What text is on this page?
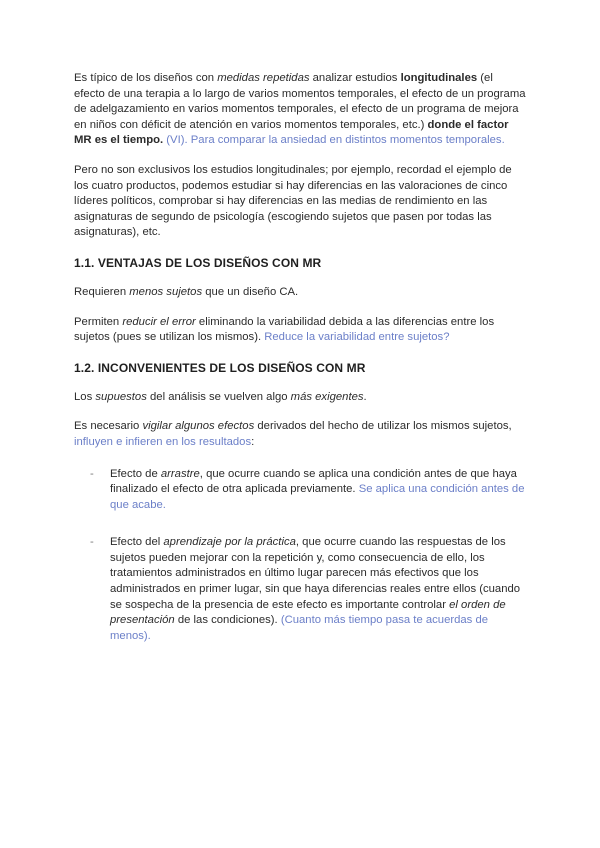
Es típico de los diseños con medidas repetidas analizar estudios longitudinales (el efecto de una terapia a lo largo de varios momentos temporales, el efecto de un programa de adelgazamiento en varios momentos temporales, el efecto de un programa de mejora en niños con déficit de atención en varios momentos temporales, etc.) donde el factor MR es el tiempo. (VI). Para comparar la ansiedad en distintos momentos temporales.

Pero no son exclusivos los estudios longitudinales; por ejemplo, recordad el ejemplo de los cuatro productos, podemos estudiar si hay diferencias en las valoraciones de cinco líderes políticos, comprobar si hay diferencias en las medias de rendimiento en las asignaturas de segundo de psicología (escogiendo sujetos que pasen por todas las asignaturas), etc.

1.1. VENTAJAS DE LOS DISEÑOS CON MR

Requieren menos sujetos que un diseño CA.

Permiten reducir el error eliminando la variabilidad debida a las diferencias entre los sujetos (pues se utilizan los mismos). Reduce la variabilidad entre sujetos?

1.2. INCONVENIENTES DE LOS DISEÑOS CON MR

Los supuestos del análisis se vuelven algo más exigentes.

Es necesario vigilar algunos efectos derivados del hecho de utilizar los mismos sujetos, influyen e infieren en los resultados:

- Efecto de arrastre, que ocurre cuando se aplica una condición antes de que haya finalizado el efecto de otra aplicada previamente. Se aplica una condición antes de que acabe.
- Efecto del aprendizaje por la práctica, que ocurre cuando las respuestas de los sujetos pueden mejorar con la repetición y, como consecuencia de ello, los tratamientos administrados en último lugar parecen más efectivos que los administrados en primer lugar, sin que haya diferencias reales entre ellos (cuando se sospecha de la presencia de este efecto es importante controlar el orden de presentación de las condiciones). (Cuanto más tiempo pasa te acuerdas de menos).
